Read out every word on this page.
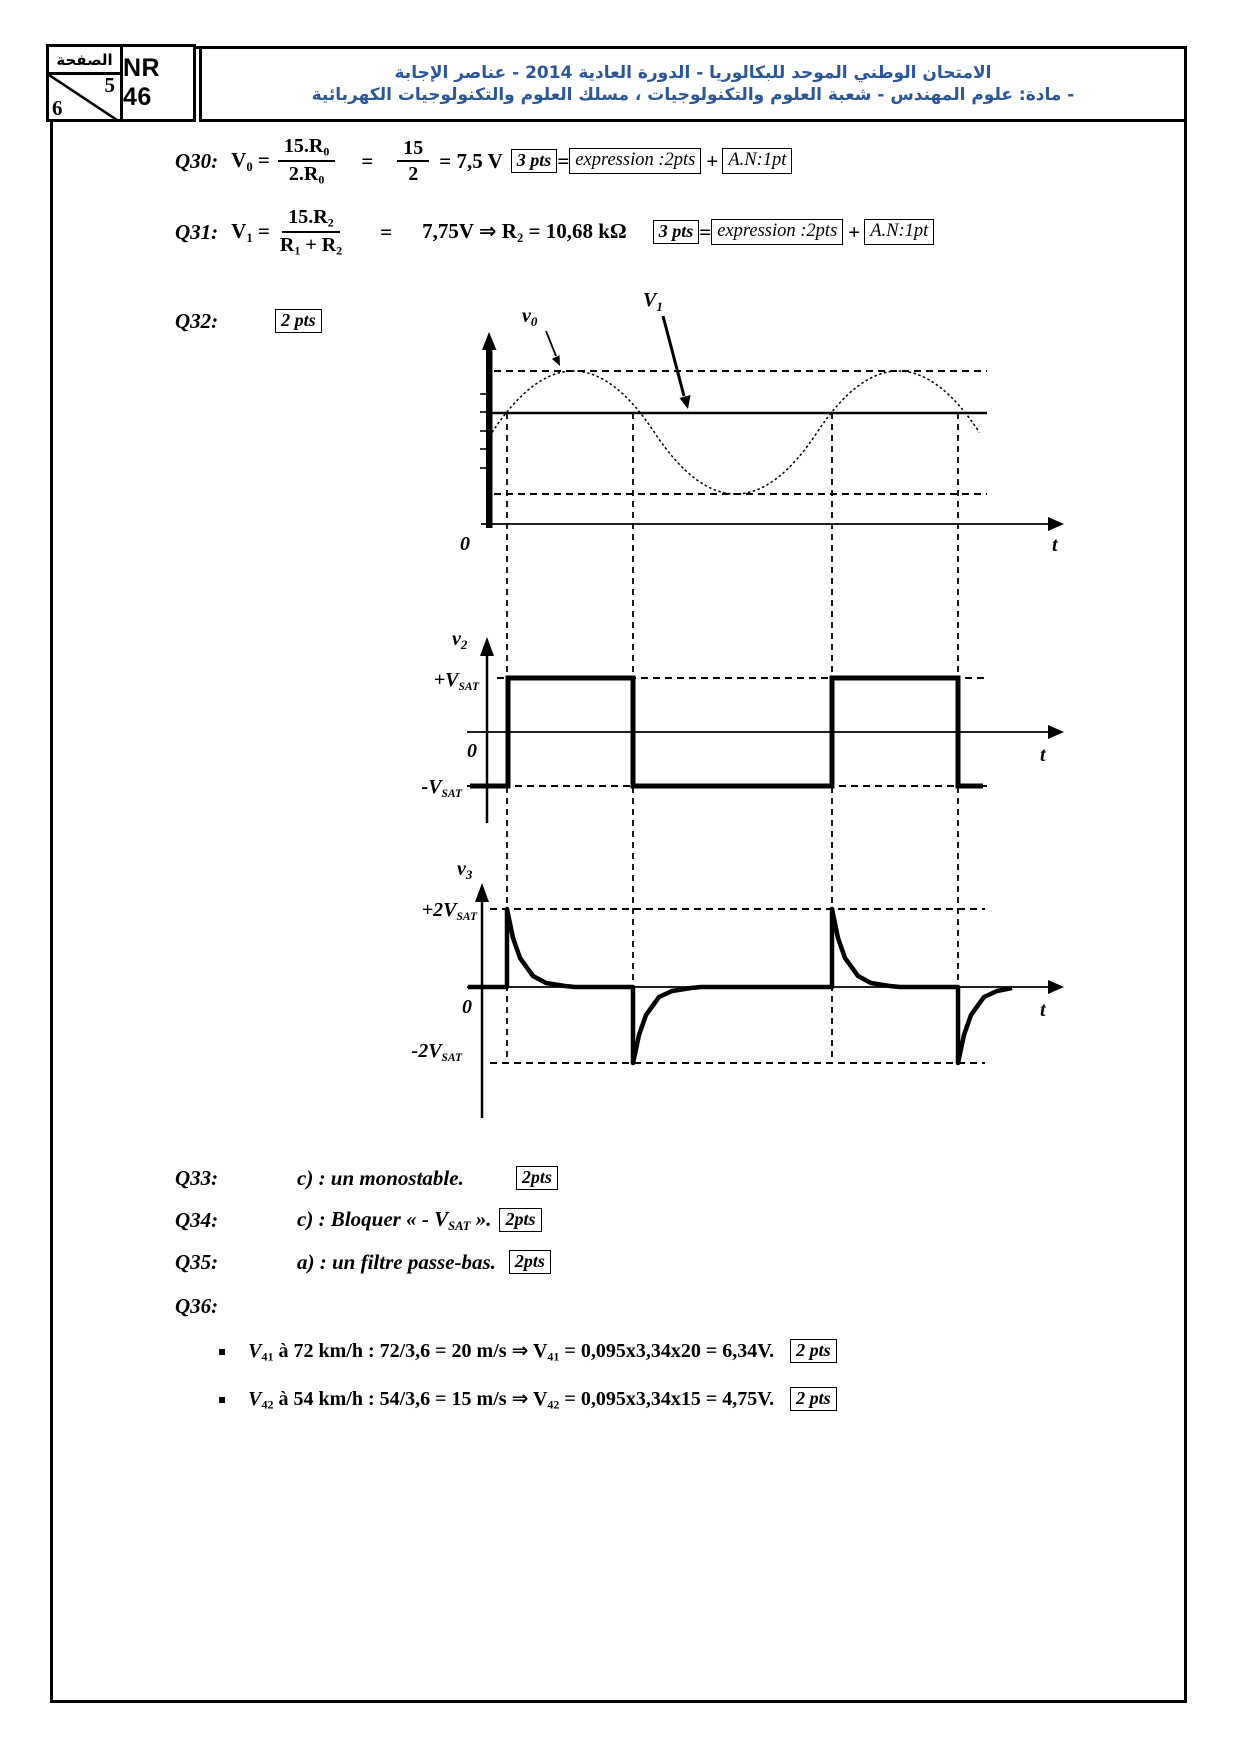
الصفحة
5
6
NR 46
الامتحان الوطني الموحد للبكالوريا - الدورة العادية 2014 - عناصر الإجابة
- مادة: علوم المهندس - شعبة العلوم والتكنولوجيات ، مسلك العلوم والتكنولوجيات الكهربائية
Q30: $V_0 = \frac{15.R_0}{2.R_0} = \frac{15}{2} = 7,5$ V 3 pts = expression :2pts + A.N:1pt
Q31: $V_1 = \frac{15.R_2}{R_1 + R_2} = 7,75V$ ⇒ $R_2 = 10,68$ kΩ	3 pts = expression :2pts + A.N:1pt
Q32:	2 pts	$v_0$
$V_1$
0	t
$v_2$
$+V_{SAT}$
$-V_{SAT}$
0	t
$v_3$
$+2V_{SAT}$
$-2V_{SAT}$
0	t
Q33:	c) : un monostable.	2pts
Q34:	c) : Bloquer « - $V_{SAT}$ ». 2pts
Q35:	a) : un filtre passe-bas.	2pts
Q36:
▪ $V_{41}$ à 72 km/h : 72/3,6 = 20 m/s ⇒ $V_{41} = 0,095x3,34x20 = 6,34V$.	2 pts
▪ $V_{42}$ à 54 km/h : 54/3,6 = 15 m/s ⇒ $V_{42} = 0,095x3,34x15 = 4,75V$.	2 pts
